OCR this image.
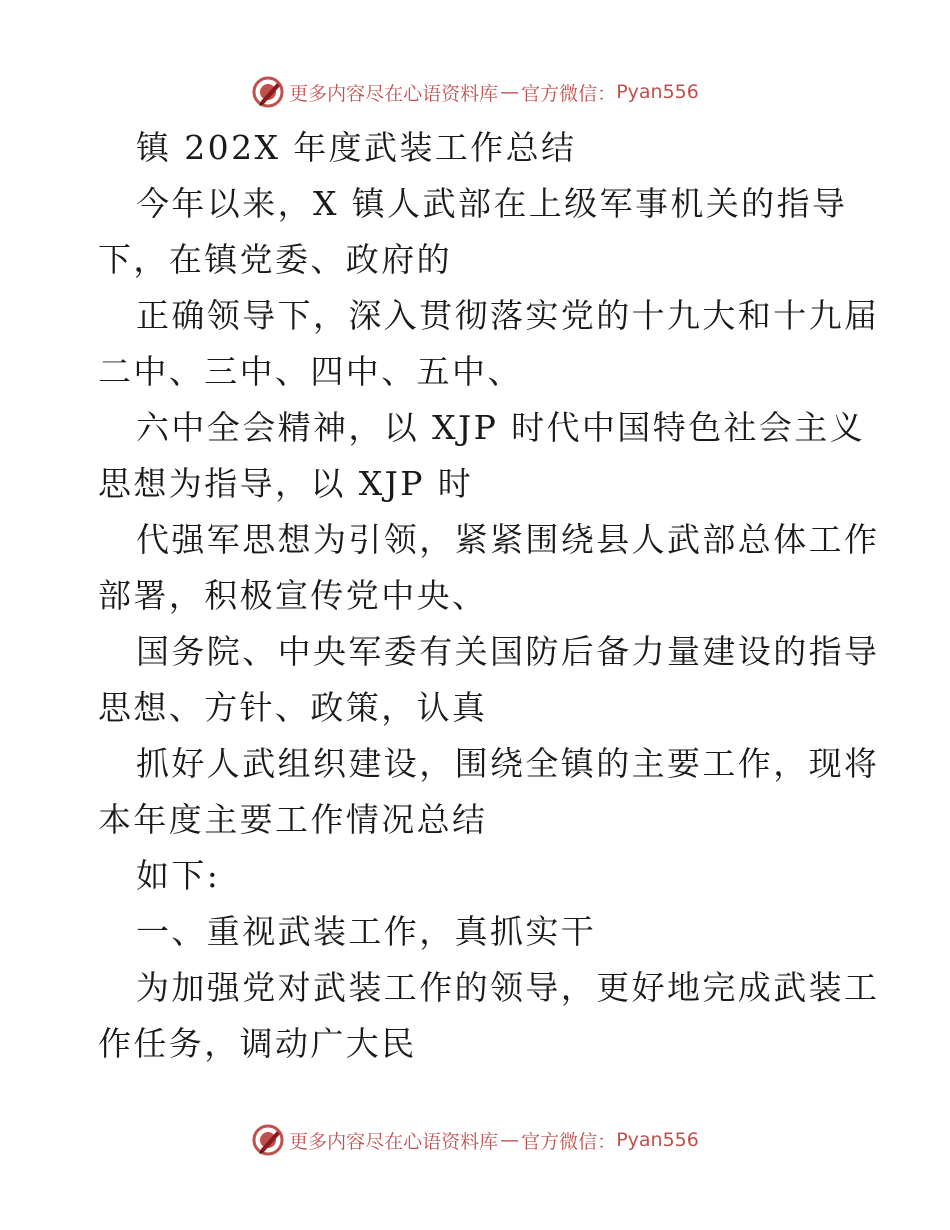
更多内容尽在心语资料库 — 官方微信： Pyan556
镇 202X 年度武装工作总结
今年以来，X 镇人武部在上级军事机关的指导
下，在镇党委、政府的
正确领导下，深入贯彻落实党的十九大和十九届
二中、三中、四中、五中、
六中全会精神，以 XJP 时代中国特色社会主义
思想为指导，以 XJP 时
代强军思想为引领，紧紧围绕县人武部总体工作
部署，积极宣传党中央、
国务院、中央军委有关国防后备力量建设的指导
思想、方针、政策，认真
抓好人武组织建设，围绕全镇的主要工作，现将
本年度主要工作情况总结
如下:
一、重视武装工作，真抓实干
为加强党对武装工作的领导，更好地完成武装工
作任务，调动广大民
更多内容尽在心语资料库 — 官方微信： Pyan556
